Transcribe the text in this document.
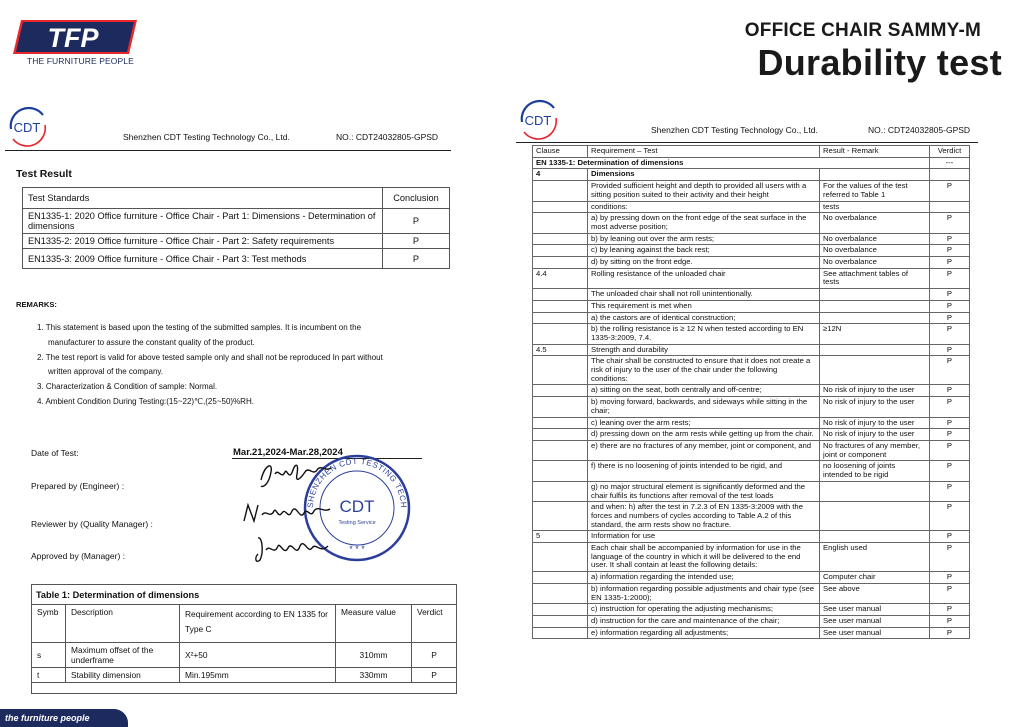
TFP
THE FURNITURE PEOPLE
OFFICE CHAIR SAMMY-M
Durability test
CDT
Shenzhen CDT Testing Technology Co., Ltd.	NO.: CDT24032805-GPSD
Test Result
Test Standards	Conclusion
EN1335-1: 2020 Office furniture - Office Chair - Part 1: Dimensions - Determination of dimensions	P
EN1335-2: 2019 Office furniture - Office Chair - Part 2: Safety requirements	P
EN1335-3: 2009 Office furniture - Office Chair - Part 3: Test methods	P
REMARKS:
1. This statement is based upon the testing of the submitted samples. It is incumbent on the
manufacturer to assure the constant quality of the product.
2. The test report is valid for above tested sample only and shall not be reproduced In part without
written approval of the company.
3. Characterization & Condition of sample: Normal.
4. Ambient Condition During Testing:(15~22)℃,(25~50)%RH.
Date of Test:	Mar.21,2024-Mar.28,2024
Prepared by (Engineer) :
Reviewer by (Quality Manager) :
Approved by (Manager) :
SHENZHEN CDT TESTING TECH
CDT
Testing Service
* * *
Table 1: Determination of dimensions
Symb	Description	Requirement according to EN 1335 for Type C	Measure value	Verdict
s	Maximum offset of the underframe	X²+50	310mm	P
t	Stability dimension	Min.195mm	330mm	P
CDT
Shenzhen CDT Testing Technology Co., Ltd.	NO.: CDT24032805-GPSD
Clause	Requirement – Test	Result - Remark	Verdict
EN 1335-1: Determination of dimensions			---
4	Dimensions		
	Provided sufficient height and depth to provided all users with a sitting position suited to their activity and their height	For the values of the test referred to Table 1	P
	conditions:	tests	
	a) by pressing down on the front edge of the seat surface in the most adverse position;	No overbalance	P
	b) by leaning out over the arm rests;	No overbalance	P
	c) by leaning against the back rest;	No overbalance	P
	d) by sitting on the front edge.	No overbalance	P
4.4	Rolling resistance of the unloaded chair	See attachment tables of tests	P
	The unloaded chair shall not roll unintentionally.		P
	This requirement is met when		P
	a) the castors are of identical construction;		P
	b) the rolling resistance is ≥ 12 N when tested according to EN 1335-3:2009, 7.4.	≥12N	P
4.5	Strength and durability		P
	The chair shall be constructed to ensure that it does not create a risk of injury to the user of the chair under the following conditions:		P
	a) sitting on the seat, both centrally and off-centre;	No risk of injury to the user	P
	b) moving forward, backwards, and sideways while sitting in the chair;	No risk of injury to the user	P
	c) leaning over the arm rests;	No risk of injury to the user	P
	d) pressing down on the arm rests while getting up from the chair.	No risk of injury to the user	P
	e) there are no fractures of any member, joint or component, and	No fractures of any member, joint or component	P
	f) there is no loosening of joints intended to be rigid, and	no loosening of joints intended to be rigid	P
	g) no major structural element is significantly deformed and the chair fulfils its functions after removal of the test loads		P
	and when: h) after the test in 7.2.3 of EN 1335-3:2009 with the forces and numbers of cycles according to Table A.2 of this standard, the arm rests show no fracture.		P
5	Information for use		P
	Each chair shall be accompanied by information for use in the language of the country in which it will be delivered to the end user. It shall contain at least the following details:	English used	P
	a) information regarding the intended use;	Computer chair	P
	b) information regarding possible adjustments and chair type (see EN 1335-1:2000);	See above	P
	c) instruction for operating the adjusting mechanisms;	See user manual	P
	d) instruction for the care and maintenance of the chair;	See user manual	P
	e) information regarding all adjustments;	See user manual	P
the furniture people
